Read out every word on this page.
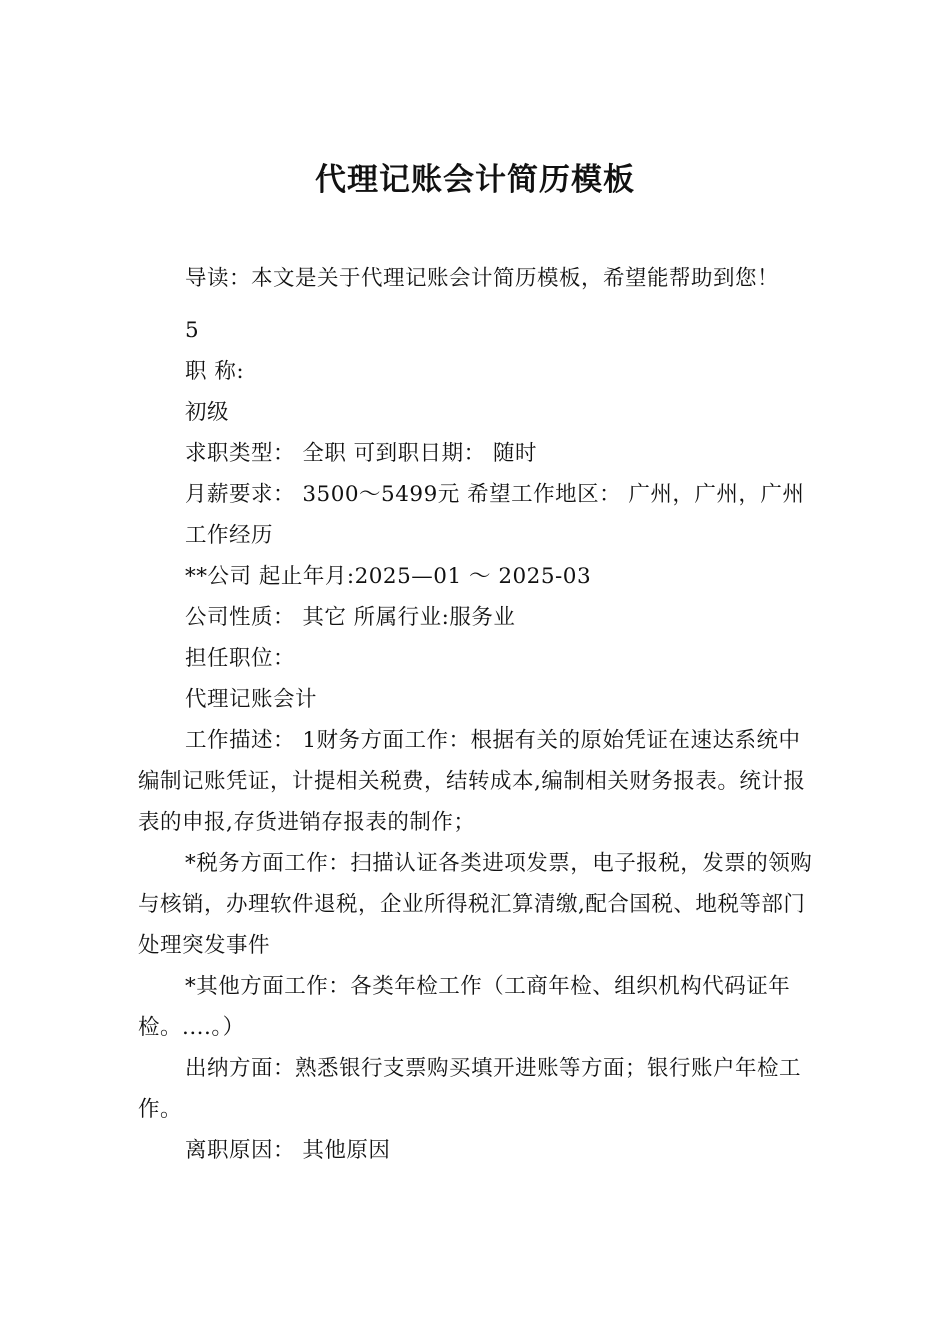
代理记账会计简历模板
导读：本文是关于代理记账会计简历模板，希望能帮助到您！
5
职 称:
初级
求职类型： 全职 可到职日期： 随时
月薪要求： 3500～5499元 希望工作地区： 广州，广州，广州
工作经历
**公司 起止年月:2025—01 ～ 2025-03
公司性质： 其它 所属行业:服务业
担任职位：
代理记账会计
工作描述： 1财务方面工作：根据有关的原始凭证在速达系统中编制记账凭证，计提相关税费，结转成本,编制相关财务报表。统计报表的申报,存货进销存报表的制作；
*税务方面工作：扫描认证各类进项发票，电子报税，发票的领购与核销，办理软件退税，企业所得税汇算清缴,配合国税、地税等部门处理突发事件
*其他方面工作：各类年检工作（工商年检、组织机构代码证年检。....。）
出纳方面：熟悉银行支票购买填开进账等方面；银行账户年检工作。
离职原因： 其他原因
